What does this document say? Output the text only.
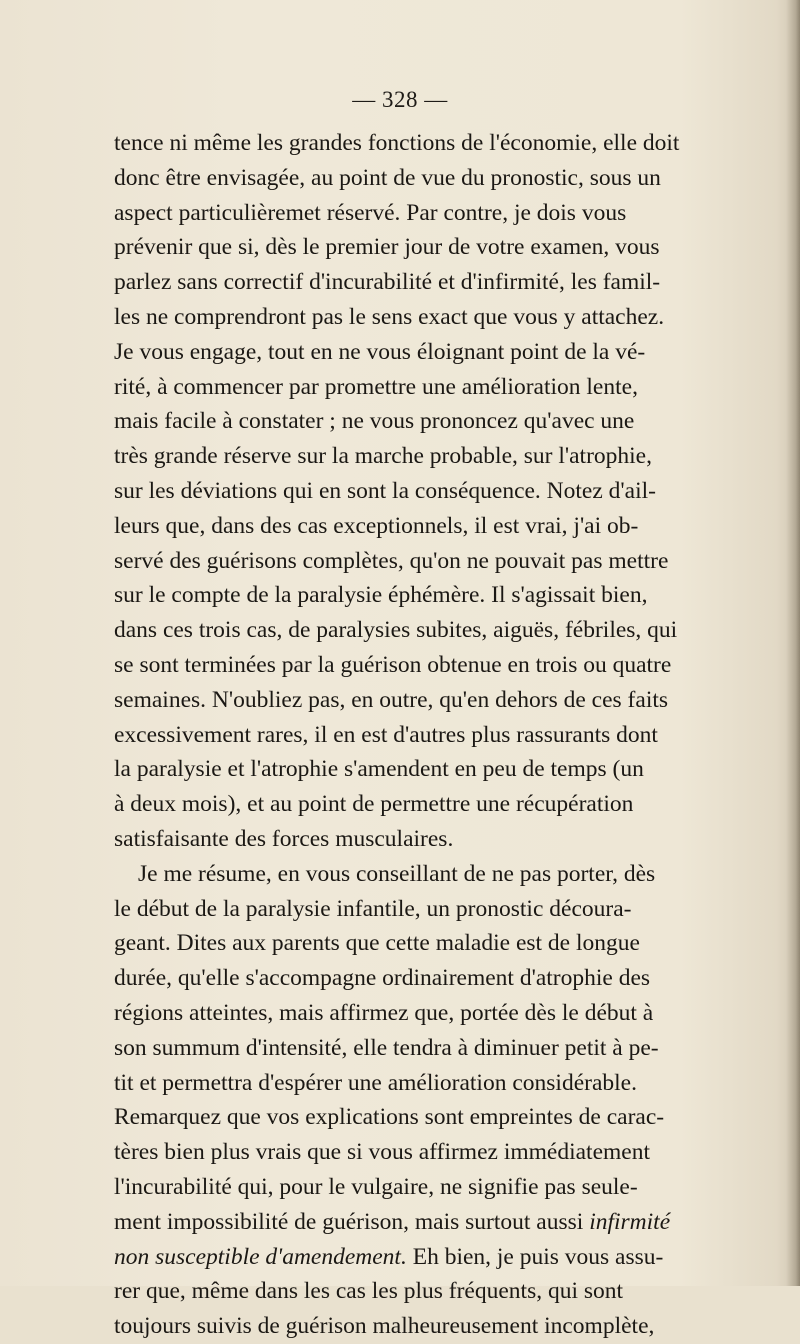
— 328 —
tence ni même les grandes fonctions de l'économie, elle doit
donc être envisagée, au point de vue du pronostic, sous un
aspect particulièremet réservé. Par contre, je dois vous
prévenir que si, dès le premier jour de votre examen, vous
parlez sans correctif d'incurabilité et d'infirmité, les famil-
les ne comprendront pas le sens exact que vous y attachez.
Je vous engage, tout en ne vous éloignant point de la vé-
rité, à commencer par promettre une amélioration lente,
mais facile à constater ; ne vous prononcez qu'avec une
très grande réserve sur la marche probable, sur l'atrophie,
sur les déviations qui en sont la conséquence. Notez d'ail-
leurs que, dans des cas exceptionnels, il est vrai, j'ai ob-
servé des guérisons complètes, qu'on ne pouvait pas mettre
sur le compte de la paralysie éphémère. Il s'agissait bien,
dans ces trois cas, de paralysies subites, aiguës, fébriles, qui
se sont terminées par la guérison obtenue en trois ou quatre
semaines. N'oubliez pas, en outre, qu'en dehors de ces faits
excessivement rares, il en est d'autres plus rassurants dont
la paralysie et l'atrophie s'amendent en peu de temps (un
à deux mois), et au point de permettre une récupération
satisfaisante des forces musculaires.
Je me résume, en vous conseillant de ne pas porter, dès
le début de la paralysie infantile, un pronostic découra-
geant. Dites aux parents que cette maladie est de longue
durée, qu'elle s'accompagne ordinairement d'atrophie des
régions atteintes, mais affirmez que, portée dès le début à
son summum d'intensité, elle tendra à diminuer petit à pe-
tit et permettra d'espérer une amélioration considérable.
Remarquez que vos explications sont empreintes de carac-
tères bien plus vrais que si vous affirmez immédiatement
l'incurabilité qui, pour le vulgaire, ne signifie pas seule-
ment impossibilité de guérison, mais surtout aussi infirmité
non susceptible d'amendement. Eh bien, je puis vous assu-
rer que, même dans les cas les plus fréquents, qui sont
toujours suivis de guérison malheureusement incomplète,
